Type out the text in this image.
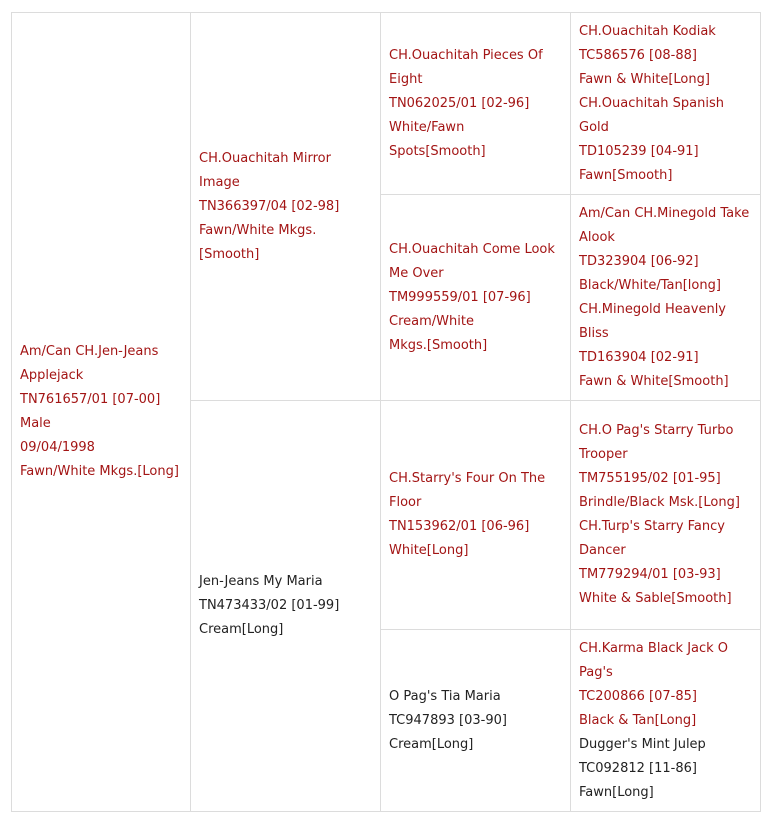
Am/Can CH.Jen-Jeans
Applejack
TN761657/01 [07-00]
Male
09/04/1998
Fawn/White Mkgs.[Long]
CH.Ouachitah Mirror Image
TN366397/04 [02-98]
Fawn/White Mkgs.[Smooth]
Jen-Jeans My Maria
TN473433/02 [01-99]
Cream[Long]
CH.Ouachitah Pieces Of
Eight
TN062025/01 [02-96]
White/Fawn Spots[Smooth]
CH.Ouachitah Come Look
Me Over
TM999559/01 [07-96]
Cream/White
Mkgs.[Smooth]
CH.Starry's Four On The
Floor
TN153962/01 [06-96]
White[Long]
O Pag's Tia Maria
TC947893 [03-90]
Cream[Long]
CH.Ouachitah Kodiak
TC586576 [08-88]
Fawn & White[Long]
CH.Ouachitah Spanish Gold
TD105239 [04-91]
Fawn[Smooth]
Am/Can CH.Minegold Take
Alook
TD323904 [06-92]
Black/White/Tan[long]
CH.Minegold Heavenly Bliss
TD163904 [02-91]
Fawn & White[Smooth]
CH.O Pag's Starry Turbo
Trooper
TM755195/02 [01-95]
Brindle/Black Msk.[Long]
CH.Turp's Starry Fancy
Dancer
TM779294/01 [03-93]
White & Sable[Smooth]
CH.Karma Black Jack O Pag's
TC200866 [07-85]
Black & Tan[Long]
Dugger's Mint Julep
TC092812 [11-86]
Fawn[Long]
